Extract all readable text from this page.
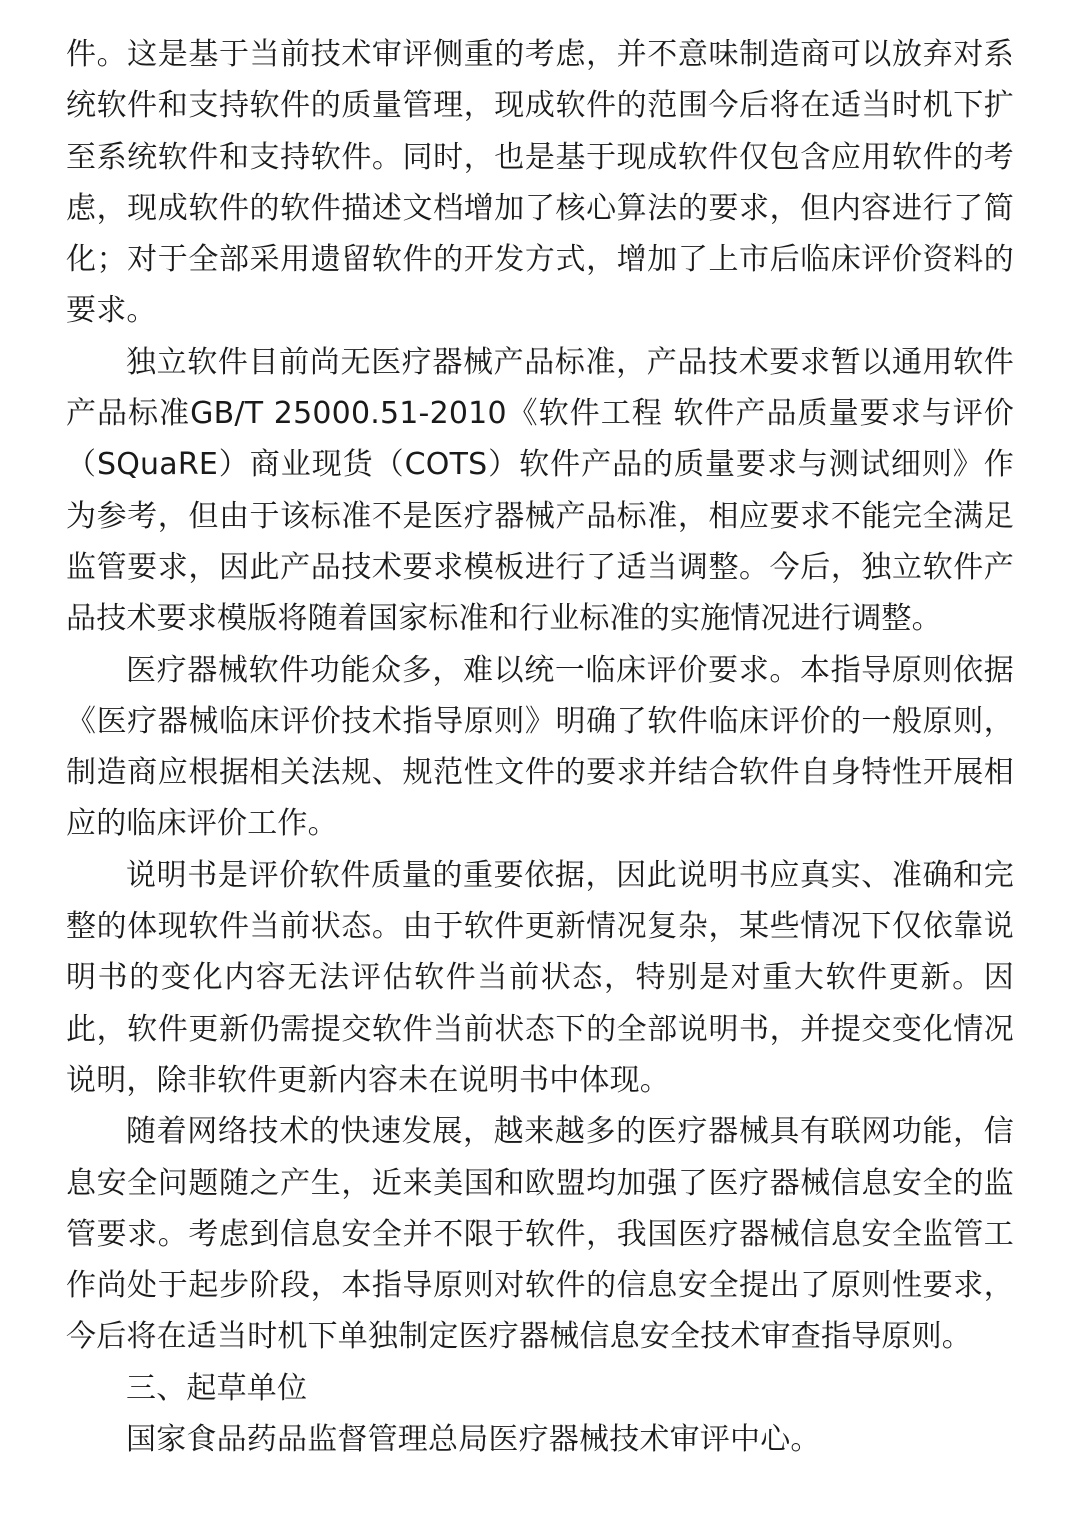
件。这是基于当前技术审评侧重的考虑，并不意味制造商可以放弃对系统软件和支持软件的质量管理，现成软件的范围今后将在适当时机下扩至系统软件和支持软件。同时，也是基于现成软件仅包含应用软件的考虑，现成软件的软件描述文档增加了核心算法的要求，但内容进行了简化；对于全部采用遗留软件的开发方式，增加了上市后临床评价资料的要求。

独立软件目前尚无医疗器械产品标准，产品技术要求暂以通用软件产品标准GB/T 25000.51-2010《软件工程 软件产品质量要求与评价（SQuaRE）商业现货（COTS）软件产品的质量要求与测试细则》作为参考，但由于该标准不是医疗器械产品标准，相应要求不能完全满足监管要求，因此产品技术要求模板进行了适当调整。今后，独立软件产品技术要求模版将随着国家标准和行业标准的实施情况进行调整。

医疗器械软件功能众多，难以统一临床评价要求。本指导原则依据《医疗器械临床评价技术指导原则》明确了软件临床评价的一般原则，制造商应根据相关法规、规范性文件的要求并结合软件自身特性开展相应的临床评价工作。

说明书是评价软件质量的重要依据，因此说明书应真实、准确和完整的体现软件当前状态。由于软件更新情况复杂，某些情况下仅依靠说明书的变化内容无法评估软件当前状态，特别是对重大软件更新。因此，软件更新仍需提交软件当前状态下的全部说明书，并提交变化情况说明，除非软件更新内容未在说明书中体现。

随着网络技术的快速发展，越来越多的医疗器械具有联网功能，信息安全问题随之产生，近来美国和欧盟均加强了医疗器械信息安全的监管要求。考虑到信息安全并不限于软件，我国医疗器械信息安全监管工作尚处于起步阶段，本指导原则对软件的信息安全提出了原则性要求，今后将在适当时机下单独制定医疗器械信息安全技术审查指导原则。

三、起草单位

国家食品药品监督管理总局医疗器械技术审评中心。
